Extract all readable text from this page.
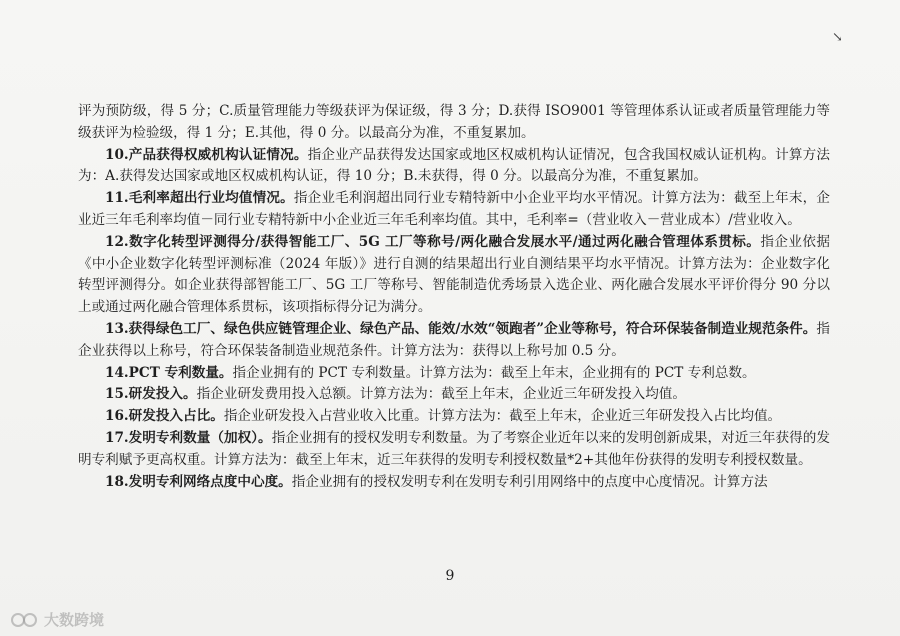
↘

评为预防级，得 5 分；C.质量管理能力等级获评为保证级，得 3 分；D.获得 ISO9001 等管理体系认证或者质量管理能力等级获评为检验级，得 1 分；E.其他，得 0 分。以最高分为准，不重复累加。

10.产品获得权威机构认证情况。指企业产品获得发达国家或地区权威机构认证情况，包含我国权威认证机构。计算方法为：A.获得发达国家或地区权威机构认证，得 10 分；B.未获得，得 0 分。以最高分为准，不重复累加。

11.毛利率超出行业均值情况。指企业毛利润超出同行业专精特新中小企业平均水平情况。计算方法为：截至上年末，企业近三年毛利率均值－同行业专精特新中小企业近三年毛利率均值。其中，毛利率=（营业收入－营业成本）/营业收入。

12.数字化转型评测得分/获得智能工厂、5G 工厂等称号/两化融合发展水平/通过两化融合管理体系贯标。指企业依据《中小企业数字化转型评测标准（2024 年版）》进行自测的结果超出行业自测结果平均水平情况。计算方法为：企业数字化转型评测得分。如企业获得部智能工厂、5G 工厂等称号、智能制造优秀场景入选企业、两化融合发展水平评价得分 90 分以上或通过两化融合管理体系贯标，该项指标得分记为满分。

13.获得绿色工厂、绿色供应链管理企业、绿色产品、能效/水效“领跑者”企业等称号，符合环保装备制造业规范条件。指企业获得以上称号，符合环保装备制造业规范条件。计算方法为：获得以上称号加 0.5 分。

14.PCT 专利数量。指企业拥有的 PCT 专利数量。计算方法为：截至上年末，企业拥有的 PCT 专利总数。

15.研发投入。指企业研发费用投入总额。计算方法为：截至上年末，企业近三年研发投入均值。

16.研发投入占比。指企业研发投入占营业收入比重。计算方法为：截至上年末，企业近三年研发投入占比均值。

17.发明专利数量（加权）。指企业拥有的授权发明专利数量。为了考察企业近年以来的发明创新成果，对近三年获得的发明专利赋予更高权重。计算方法为：截至上年末，近三年获得的发明专利授权数量*2+其他年份获得的发明专利授权数量。

18.发明专利网络点度中心度。指企业拥有的授权发明专利在发明专利引用网络中的点度中心度情况。计算方法

9
大数跨境
